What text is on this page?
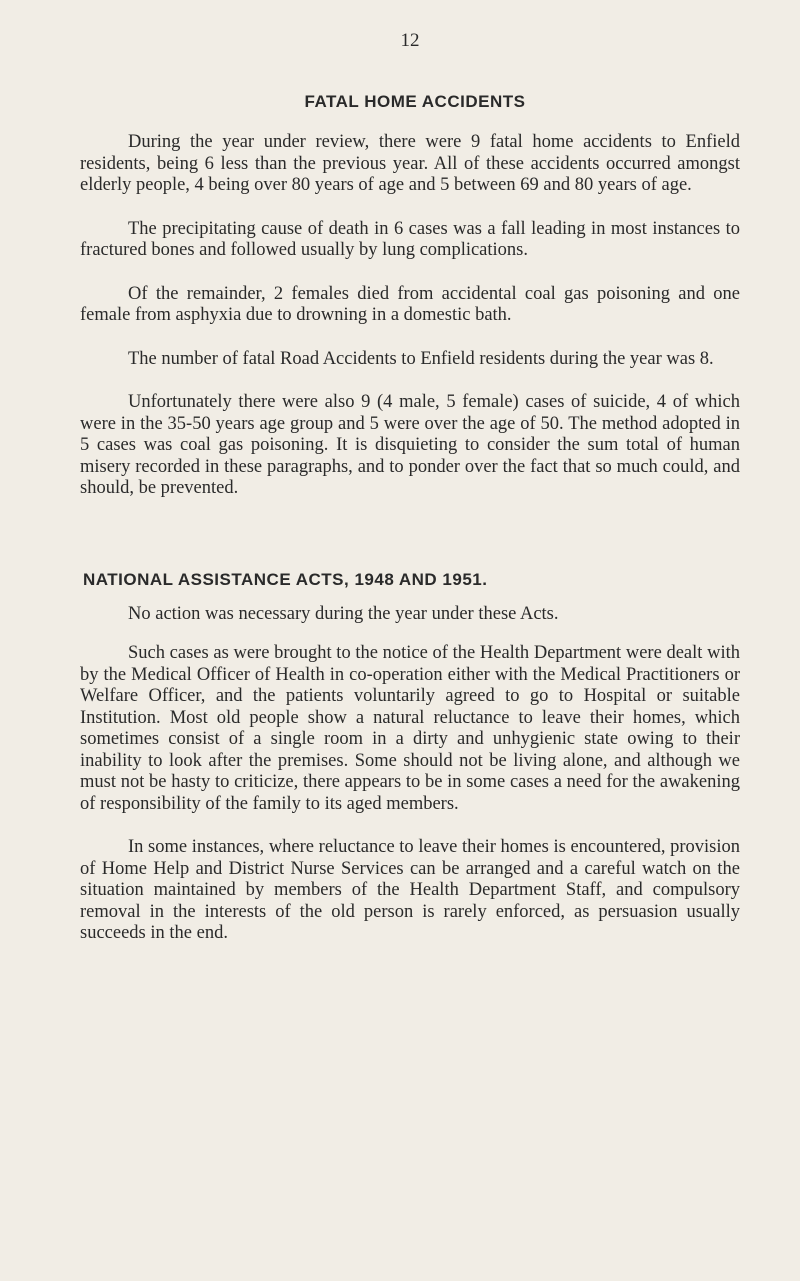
12
FATAL HOME ACCIDENTS

During the year under review, there were 9 fatal home accidents to Enfield residents, being 6 less than the previous year. All of these accidents occurred amongst elderly people, 4 being over 80 years of age and 5 between 69 and 80 years of age.

The precipitating cause of death in 6 cases was a fall leading in most instances to fractured bones and followed usually by lung complications.

Of the remainder, 2 females died from accidental coal gas poisoning and one female from asphyxia due to drowning in a domestic bath.

The number of fatal Road Accidents to Enfield residents during the year was 8.

Unfortunately there were also 9 (4 male, 5 female) cases of suicide, 4 of which were in the 35-50 years age group and 5 were over the age of 50. The method adopted in 5 cases was coal gas poisoning. It is disquieting to consider the sum total of human misery recorded in these paragraphs, and to ponder over the fact that so much could, and should, be prevented.

NATIONAL ASSISTANCE ACTS, 1948 AND 1951.

No action was necessary during the year under these Acts.

Such cases as were brought to the notice of the Health Department were dealt with by the Medical Officer of Health in co-operation either with the Medical Practitioners or Welfare Officer, and the patients voluntarily agreed to go to Hospital or suitable Institution. Most old people show a natural reluctance to leave their homes, which sometimes consist of a single room in a dirty and unhygienic state owing to their inability to look after the premises. Some should not be living alone, and although we must not be hasty to criticize, there appears to be in some cases a need for the awakening of responsibility of the family to its aged members.

In some instances, where reluctance to leave their homes is encountered, provision of Home Help and District Nurse Services can be arranged and a careful watch on the situation maintained by members of the Health Department Staff, and compulsory removal in the interests of the old person is rarely enforced, as persuasion usually succeeds in the end.
